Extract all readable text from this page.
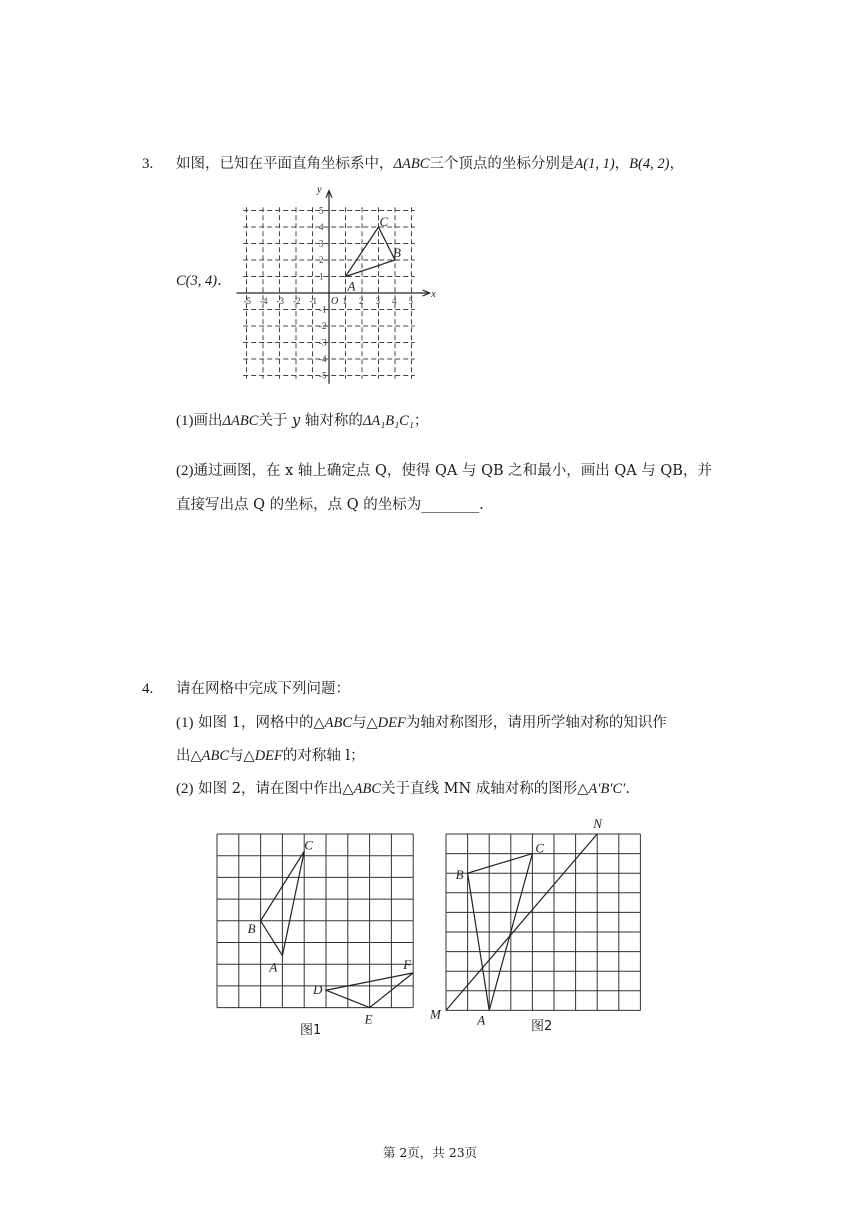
3. 如图，已知在平面直角坐标系中，ΔABC三个顶点的坐标分别是A(1, 1)，B(4, 2)，
C(3, 4).
-5 -4 -3 -2 -1	1 2 3 4 5
5
4
3
2
1
-1
-2
-3
-4
-5
x
y
O
A
B
C
(1)画出ΔABC关于 y 轴对称的ΔA₁B₁C₁；
(2)通过画图，在 x 轴上确定点 Q，使得 QA 与 QB 之和最小，画出 QA 与 QB，并
直接写出点 Q 的坐标，点 Q 的坐标为________.
4. 请在网格中完成下列问题：
(1) 如图 1，网格中的△ABC与△DEF为轴对称图形，请用所学轴对称的知识作
出△ABC与△DEF的对称轴 l；
(2) 如图 2，请在图中作出△ABC关于直线 MN 成轴对称的图形△A′B′C′.
A
B
C
D
E
F
图1
A
B
C
M
N
图2
第 2页，共 23页
